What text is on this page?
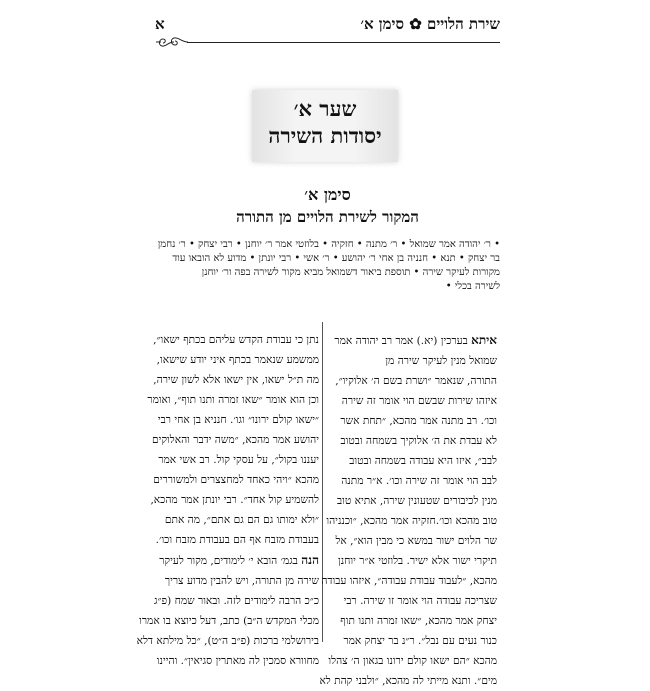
שירת הלויים ✿ סימן א׳
א
שער א׳
יסודות השירה
סימן א׳
המקור לשירת הלויים מן התורה
• ר׳ יהודה אמר שמואל • ר׳ מתנה • חזקיה • בלוזטי אמר ר׳ יוחנן • רבי יצחק • ר׳ נחמן
בר יצחק • תנא • חנניה בן אחי ר׳ יהושע • ר׳ אשי • רבי יונתן • מדוע לא הובאו עוד
מקורות לעיקר שירה • תוספת ביאור דשמואל מביא מקור לשירה בפה ור׳ יוחנן
לשירה בכלי •
איתא בערכין (יא.) אמר רב יהודה אמר
שמואל מנין לעיקר שירה מן
התורה, שנאמר ״ושרת בשם ה׳ אלוקיו״,
איזהו שירות שבשם הוי אומר זה שירה
וכו׳. רב מתנה אמר מהכא, ״תחת אשר
לא עבדת את ה׳ אלוקיך בשמחה ובטוב
לבב״, איזו היא עבודה בשמחה ובטוב
לבב הוי אומר זה שירה וכו׳. א״ר מתנה
מנין לכיבורים שטעונין שירה, אתיא טוב
טוב מהכא וכו׳.חזקיה אמר מהכא, ״וכנניהו
שר הלוים ישור במשא כי מבין הוא״, אל
תיקרי ישור אלא ישיר. בלוזטי א״ר יוחנן
מהכא, ״לעבוד עבודת עבודה״, איזהו עבודה
שצריכה עבודה הוי אומר זו שירה. רבי
יצחק אמר מהכא, ״שאו זמרה ותנו תוף
כנור נעים עם נבל״. ר״נ בר יצחק אמר
מהכא ״הם ישאו קולם ירונו בגאון ה׳ צהלו
מים״. ותנא מייתי לה מהכא, ״ולבני קהת לא
נתן כי עבודת הקדש עליהם בכתף ישאו״,
ממשמע שנאמר בכתף איני יודע שישאו,
מה ת״ל ישאו, אין ישאו אלא לשון שירה,
וכן הוא אומר ״שאו זמרה ותנו תוף״, ואומר
״ישאו קולם ירונו״ וגו׳. חנניא בן אחי רבי
יהושע אמר מהכא, ״משה ידבר והאלוקים
יעננו בקול״, על עסקי קול. רב אשי אמר
מהכא ״ויהי כאחד למחצצרים ולמשוררים
להשמיע קול אחד״. רבי יונתן אמר מהכא,
״ולא ימותו גם הם גם אתם״, מה אתם
בעבודת מזבח אף הם בעבודת מזבח וכו׳.
הנה בגמ׳ הובא י׳ לימודים, מקור לעיקר
שירה מן התורה, ויש להבין מדוע צריך
כ״כ הרבה לימודים לזה. ובאור שמח (פ״ג
מכלי המקדש ה״ב) כתב, דעל כיוצא בו אמרו
בירושלמי ברכות (פ״ב ה״ט), ״כל מילתא דלא
מחוורא סמכין לה מאתרין סגיאין״. והיינו
